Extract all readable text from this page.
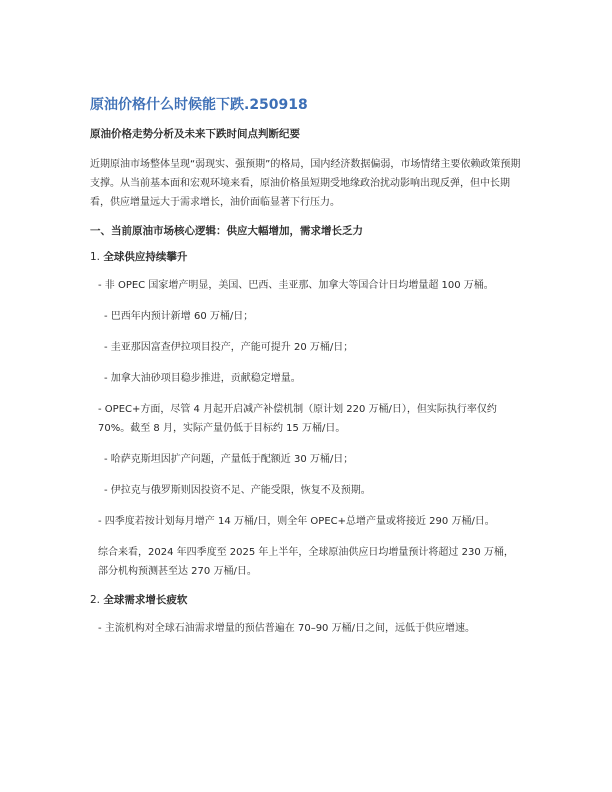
原油价格什么时候能下跌.250918
原油价格走势分析及未来下跌时间点判断纪要

近期原油市场整体呈现“弱现实、强预期”的格局，国内经济数据偏弱，市场情绪主要依赖政策预期支撑。从当前基本面和宏观环境来看，原油价格虽短期受地缘政治扰动影响出现反弹，但中长期看，供应增量远大于需求增长，油价面临显著下行压力。

一、当前原油市场核心逻辑：供应大幅增加，需求增长乏力
1. 全球供应持续攀升

- 非 OPEC 国家增产明显，美国、巴西、圭亚那、加拿大等国合计日均增量超 100 万桶。

- 巴西年内预计新增 60 万桶/日；

- 圭亚那因富查伊拉项目投产，产能可提升 20 万桶/日；

- 加拿大油砂项目稳步推进，贡献稳定增量。

- OPEC+方面，尽管 4 月起开启减产补偿机制（原计划 220 万桶/日），但实际执行率仅约 70%。截至 8 月，实际产量仍低于目标约 15 万桶/日。

- 哈萨克斯坦因扩产问题，产量低于配额近 30 万桶/日；

- 伊拉克与俄罗斯则因投资不足、产能受限，恢复不及预期。

- 四季度若按计划每月增产 14 万桶/日，则全年 OPEC+总增产量或将接近 290 万桶/日。

综合来看，2024 年四季度至 2025 年上半年，全球原油供应日均增量预计将超过 230 万桶，部分机构预测甚至达 270 万桶/日。

2. 全球需求增长疲软

- 主流机构对全球石油需求增量的预估普遍在 70–90 万桶/日之间，远低于供应增速。
